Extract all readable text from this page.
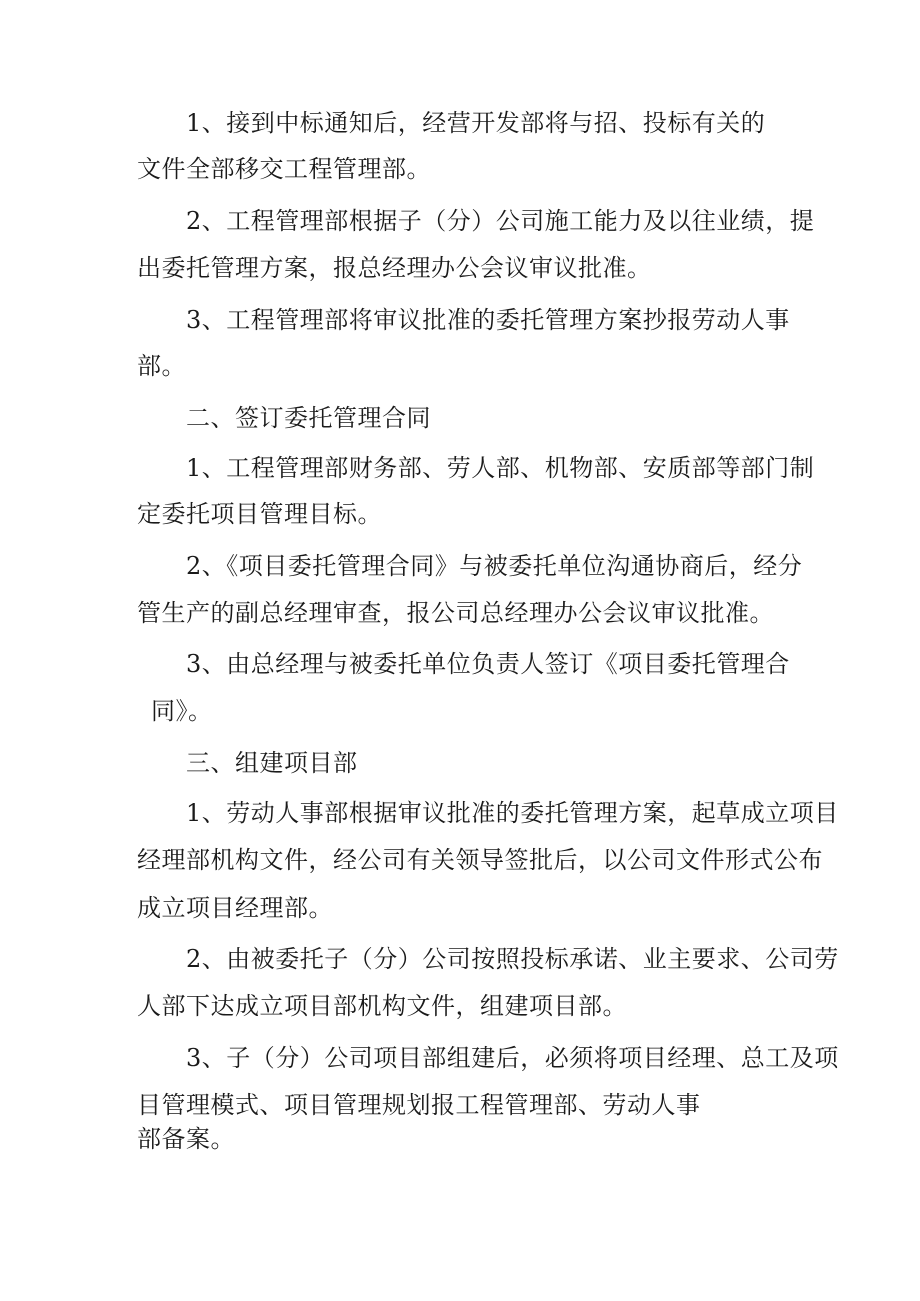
1、接到中标通知后，经营开发部将与招、投标有关的
文件全部移交工程管理部。
2、工程管理部根据子（分）公司施工能力及以往业绩，提
出委托管理方案，报总经理办公会议审议批准。
3、工程管理部将审议批准的委托管理方案抄报劳动人事
部。
二、签订委托管理合同
1、工程管理部财务部、劳人部、机物部、安质部等部门制
定委托项目管理目标。
2、《项目委托管理合同》与被委托单位沟通协商后，经分
管生产的副总经理审查，报公司总经理办公会议审议批准。
3、由总经理与被委托单位负责人签订《项目委托管理合
同》。
三、组建项目部
1、劳动人事部根据审议批准的委托管理方案，起草成立项目
经理部机构文件，经公司有关领导签批后，以公司文件形式公布
成立项目经理部。
2、由被委托子（分）公司按照投标承诺、业主要求、公司劳
人部下达成立项目部机构文件，组建项目部。
3、子（分）公司项目部组建后，必须将项目经理、总工及项
目管理模式、项目管理规划报工程管理部、劳动人事
部备案。
